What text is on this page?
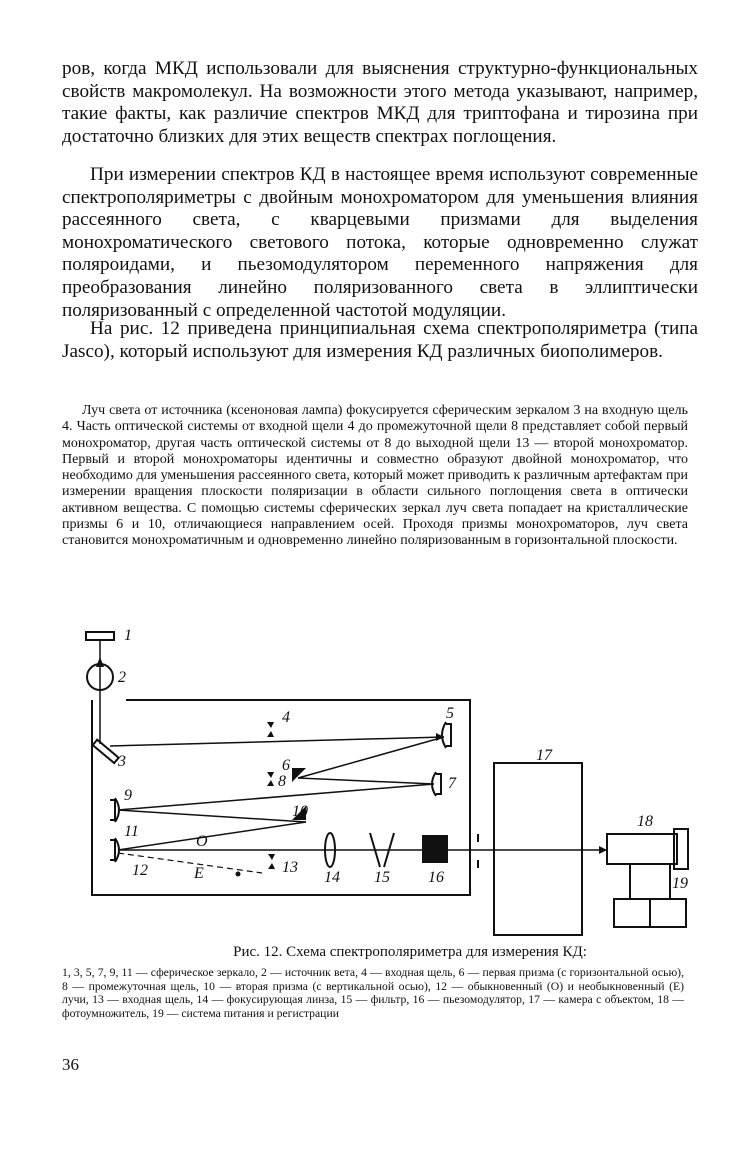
ров, когда МКД использовали для выяснения структурно-функциональных свойств макромолекул. На возможности этого метода указывают, например, такие факты, как различие спектров МКД для триптофана и тирозина при достаточно близких для этих веществ спектрах поглощения.

При измерении спектров КД в настоящее время используют современные спектрополяриметры с двойным монохроматором для уменьшения влияния рассеянного света, с кварцевыми призмами для выделения монохроматического светового потока, которые одновременно служат поляроидами, и пьезомодулятором переменного напряжения для преобразования линейно поляризованного света в эллиптически поляризованный с определенной частотой модуляции.

На рис. 12 приведена принципиальная схема спектрополяриметра (типа Jasco), который используют для измерения КД различных биополимеров.

Луч света от источника (ксеноновая лампа) фокусируется сферическим зеркалом 3 на входную щель 4. Часть оптической системы от входной щели 4 до промежуточной щели 8 представляет собой первый монохроматор, другая часть оптической системы от 8 до выходной щели 13 — второй монохроматор. Первый и второй монохроматоры идентичны и совместно образуют двойной монохроматор, что необходимо для уменьшения рассеянного света, который может приводить к различным артефактам при измерении вращения плоскости поляризации в области сильного поглощения света в оптически активном вещества. С помощью системы сферических зеркал луч света попадает на кристаллические призмы 6 и 10, отличающиеся направлением осей. Проходя призмы монохроматоров, луч света становится монохроматичным и одновременно линейно поляризованным в горизонтальной плоскости.
1
2
3
4	5
6
7
8
9
10
11
12	13
14 15 16
17
18
19
O
E
Рис. 12. Схема спектрополяриметра для измерения КД:
1, 3, 5, 7, 9, 11 — сферическое зеркало, 2 — источник вета, 4 — входная щель, 6 — первая призма (с горизонтальной осью), 8 — промежуточная щель, 10 — вторая призма (с вертикальной осью), 12 — обыкновенный (О) и необыкновенный (Е) лучи, 13 — входная щель, 14 — фокусирующая линза, 15 — фильтр, 16 — пьезомодулятор, 17 — камера с объектом, 18 — фотоумножитель, 19 — система питания и регистрации
36
